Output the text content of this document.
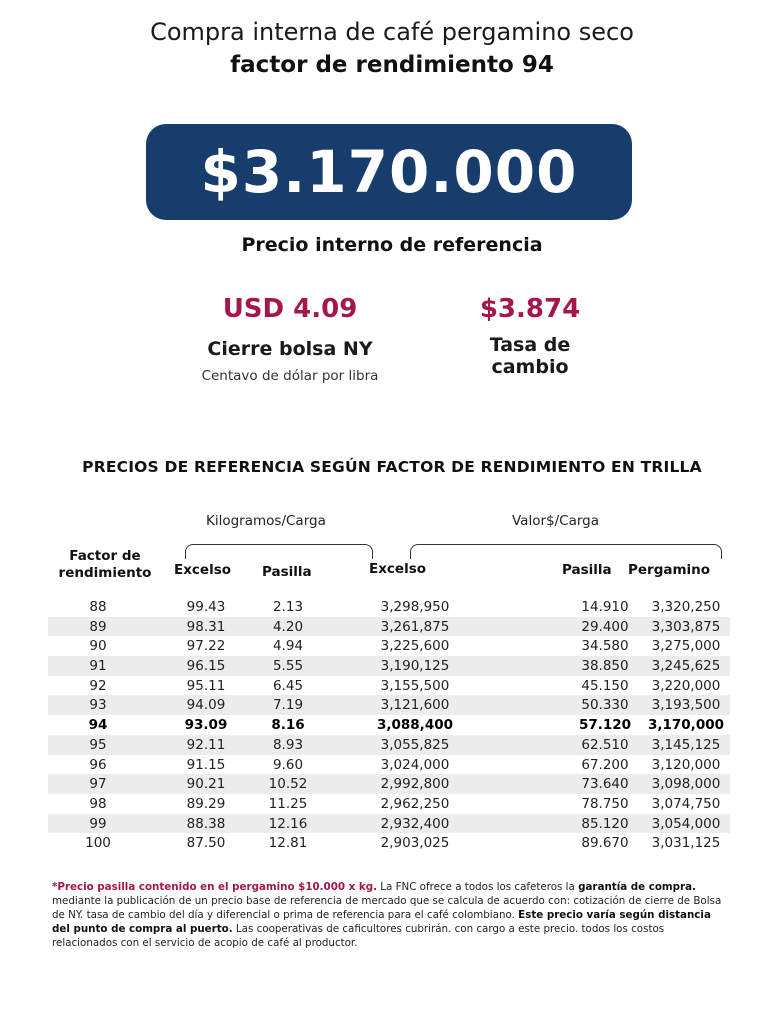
Compra interna de café pergamino seco
factor de rendimiento 94
$3.170.000
Precio interno de referencia
USD 4.09
Cierre bolsa NY
Centavo de dólar por libra
$3.874
Tasa de
cambio
PRECIOS DE REFERENCIA SEGÚN FACTOR DE RENDIMIENTO EN TRILLA
Kilogramos/Carga	Valor$/Carga
Factor de
rendimiento	Excelso Pasilla	Excelso	Pasilla Pergamino
88	99.43	2.13	3,298,950	14.910	3,320,250
89	98.31	4.20	3,261,875	29.400	3,303,875
90	97.22	4.94	3,225,600	34.580	3,275,000
91	96.15	5.55	3,190,125	38.850	3,245,625
92	95.11	6.45	3,155,500	45.150	3,220,000
93	94.09	7.19	3,121,600	50.330	3,193,500
94	93.09	8.16	3,088,400	57.120	3,170,000
95	92.11	8.93	3,055,825	62.510	3,145,125
96	91.15	9.60	3,024,000	67.200	3,120,000
97	90.21	10.52	2,992,800	73.640	3,098,000
98	89.29	11.25	2,962,250	78.750	3,074,750
99	88.38	12.16	2,932,400	85.120	3,054,000
100	87.50	12.81	2,903,025	89.670	3,031,125
*Precio pasilla contenido en el pergamino $10.000 x kg. La FNC ofrece a todos los cafeteros la garantía de compra. mediante la publicación de un precio base de referencia de mercado que se calcula de acuerdo con: cotización de cierre de Bolsa de NY. tasa de cambio del día y diferencial o prima de referencia para el café colombiano. Este precio varía según distancia del punto de compra al puerto. Las cooperativas de caficultores cubrirán. con cargo a este precio. todos los costos relacionados con el servicio de acopio de café al productor.
